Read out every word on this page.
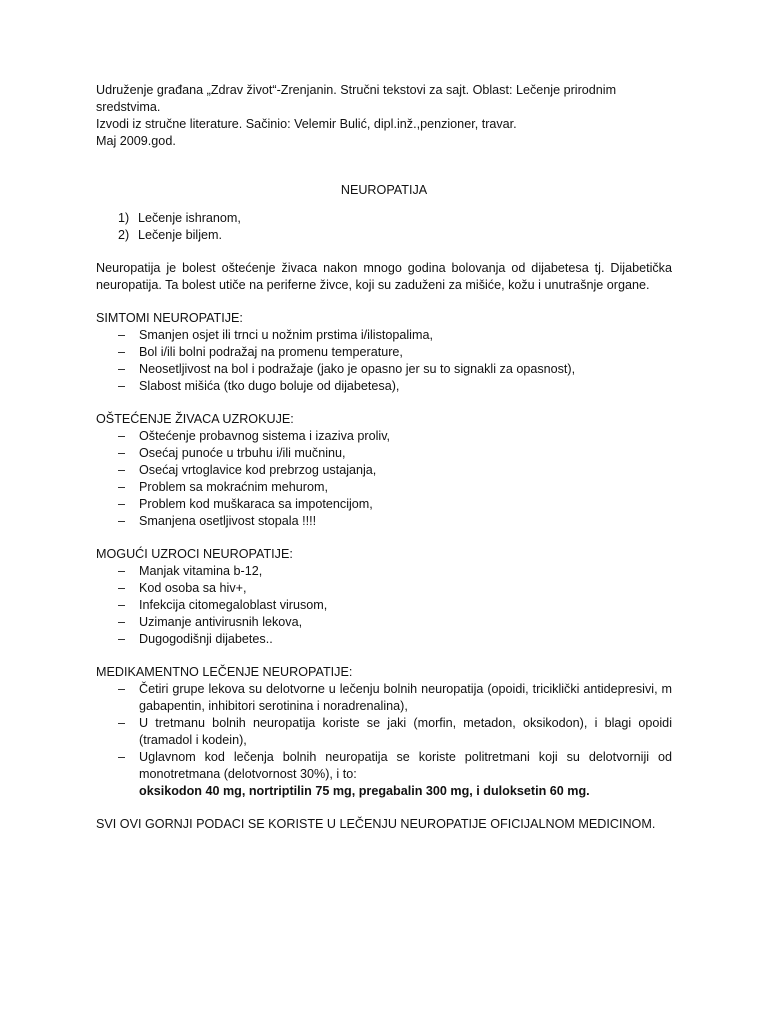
Udruženje građana „Zdrav život“-Zrenjanin. Stručni tekstovi za sajt. Oblast: Lečenje prirodnim sredstvima.

Izvodi iz stručne literature. Sačinio: Velemir Bulić, dipl.inž.,penzioner, travar.

Maj 2009.god.

NEUROPATIJA
1) Lečenje ishranom,
2) Lečenje biljem.

Neuropatija je bolest oštećenje živaca nakon mnogo godina bolovanja od dijabetesa tj. Dijabetička neuropatija. Ta bolest utiče na periferne živce, koji su zaduženi za mišiće, kožu i unutrašnje organe.

SIMTOMI NEUROPATIJE:
–	Smanjen osjet ili trnci u nožnim prstima i/ilistopalima,
–	Bol i/ili bolni podražaj na promenu temperature,
–	Neosetljivost na bol i podražaje (jako je opasno jer su to signakli za opasnost),
–	Slabost mišića (tko dugo boluje od dijabetesa),
OŠTEĆENJE ŽIVACA UZROKUJE:
–	Oštećenje probavnog sistema i izaziva proliv,
–	Osećaj punoće u trbuhu i/ili mučninu,
–	Osećaj vrtoglavice kod prebrzog ustajanja,
–	Problem sa mokraćnim mehurom,
–	Problem kod muškaraca sa impotencijom,
–	Smanjena osetljivost stopala !!!!
MOGUĆI UZROCI NEUROPATIJE:
–	Manjak vitamina b-12,
–	Kod osoba sa hiv+,
–	Infekcija citomegaloblast virusom,
–	Uzimanje antivirusnih lekova,
–	Dugogodišnji dijabetes..
MEDIKAMENTNO LEČENJE NEUROPATIJE:
–	Četiri grupe lekova su delotvorne u lečenju bolnih neuropatija (opoidi, triciklički antidepresivi, m gabapentin, inhibitori serotinina i noradrenalina),
–	U tretmanu bolnih neuropatija koriste se jaki (morfin, metadon, oksikodon), i blagi opoidi (tramadol i kodein),
–	Uglavnom kod lečenja bolnih neuropatija se koriste politretmani koji su delotvorniji od monotretmana (delotvornost 30%), i to:
oksikodon 40 mg, nortriptilin 75 mg, pregabalin 300 mg, i duloksetin 60 mg.

SVI OVI GORNJI PODACI SE KORISTE U LEČENJU NEUROPATIJE OFICIJALNOM MEDICINOM.
